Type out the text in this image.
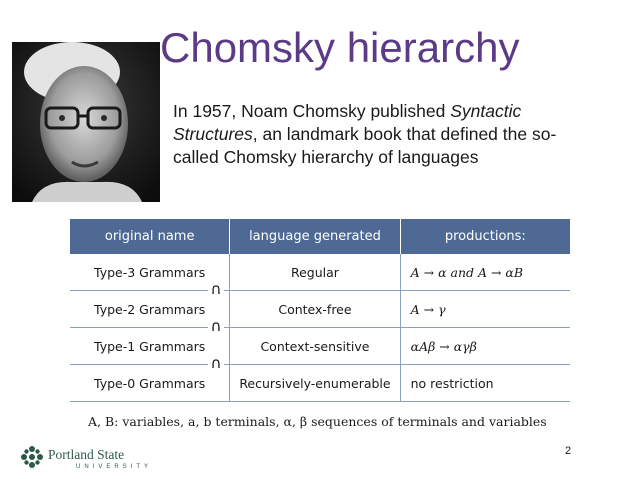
Chomsky hierarchy
In 1957, Noam Chomsky published Syntactic Structures, an landmark book that defined the so-called Chomsky hierarchy of languages
original name	language generated	productions:
Type-3 Grammars	Regular	A → α and A → αB
Type-2 Grammars	Contex-free	A → γ
Type-1 Grammars	Context-sensitive	αAβ → αγβ
Type-0 Grammars	Recursively-enumerable	no restriction
∩
∩
∩
A, B: variables, a, b terminals, α, β sequences of terminals and variables
Portland State
UNIVERSITY
2
